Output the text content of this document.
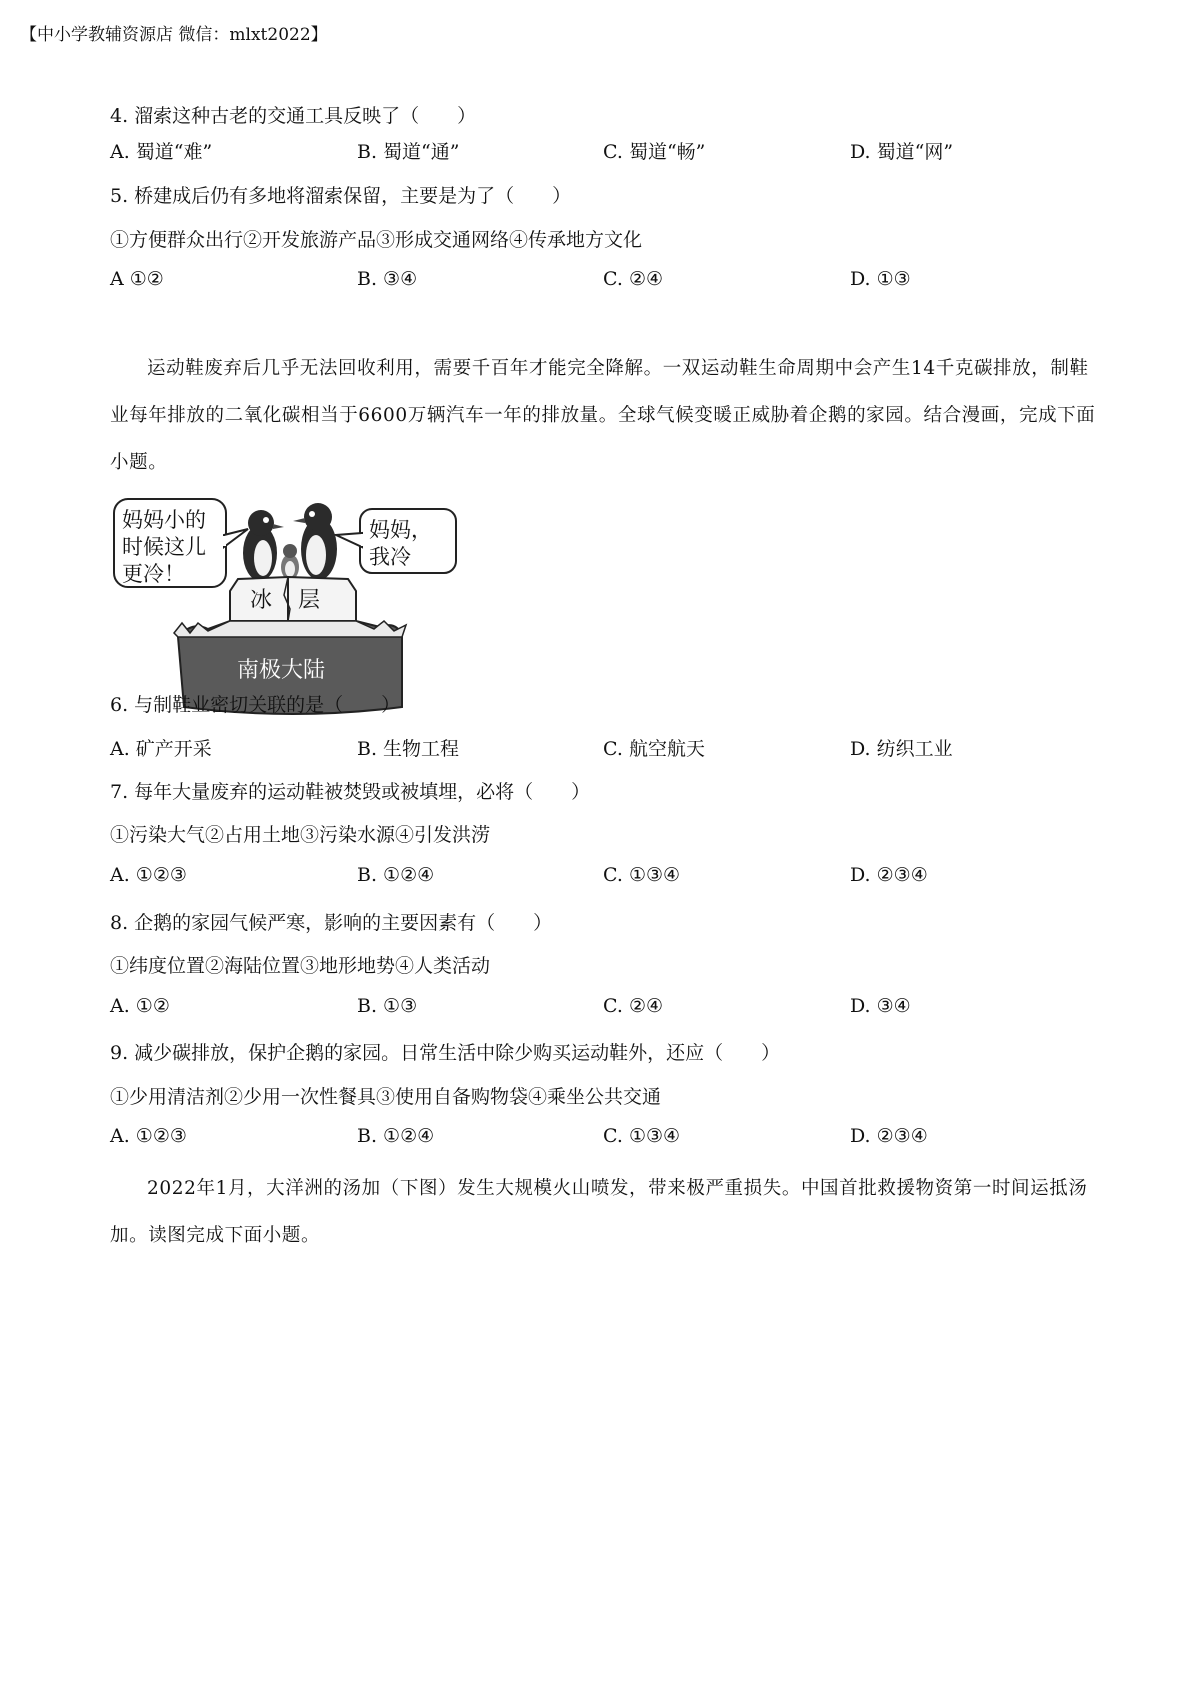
【中小学教辅资源店 微信：mlxt2022】
4. 溜索这种古老的交通工具反映了（　　）
A. 蜀道“难”	B. 蜀道“通”	C. 蜀道“畅”	D. 蜀道“网”
5. 桥建成后仍有多地将溜索保留，主要是为了（　　）
①方便群众出行②开发旅游产品③形成交通网络④传承地方文化
A ①②	B. ③④	C. ②④	D. ①③

运动鞋废弃后几乎无法回收利用，需要千百年才能完全降解。一双运动鞋生命周期中会产生14千克碳排放，制鞋业每年排放的二氧化碳相当于6600万辆汽车一年的排放量。全球气候变暖正威胁着企鹅的家园。结合漫画，完成下面小题。

妈妈小的
时候这儿
更冷！
妈妈，
我冷
冰 层
南极大陆
6. 与制鞋业密切关联的是（　　）
A. 矿产开采	B. 生物工程	C. 航空航天	D. 纺织工业
7. 每年大量废弃的运动鞋被焚毁或被填埋，必将（　　）
①污染大气②占用土地③污染水源④引发洪涝
A. ①②③	B. ①②④	C. ①③④	D. ②③④
8. 企鹅的家园气候严寒，影响的主要因素有（　　）
①纬度位置②海陆位置③地形地势④人类活动
A. ①②	B. ①③	C. ②④	D. ③④
9. 减少碳排放，保护企鹅的家园。日常生活中除少购买运动鞋外，还应（　　）
①少用清洁剂②少用一次性餐具③使用自备购物袋④乘坐公共交通
A. ①②③	B. ①②④	C. ①③④	D. ②③④

2022年1月，大洋洲的汤加（下图）发生大规模火山喷发，带来极严重损失。中国首批救援物资第一时间运抵汤加。读图完成下面小题。
